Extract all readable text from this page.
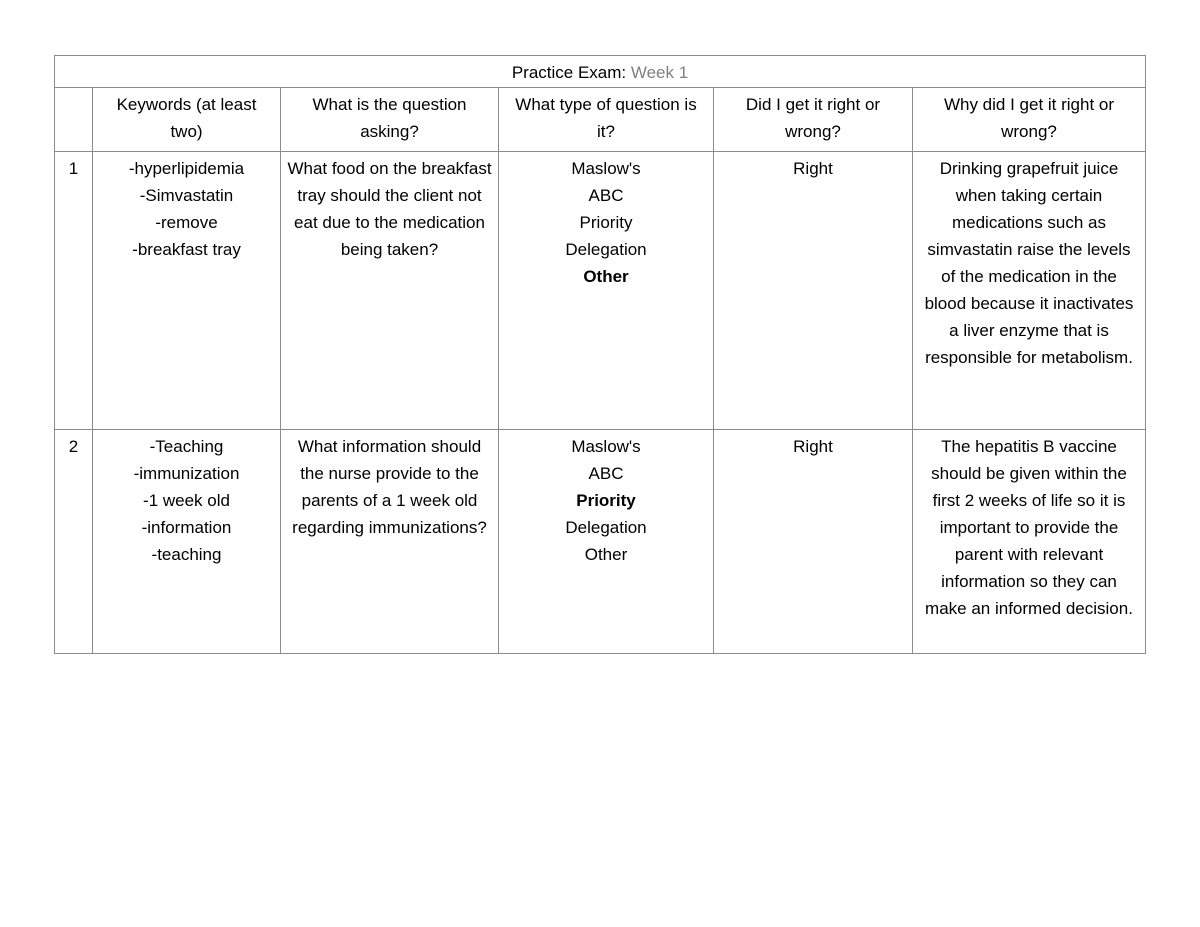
Practice Exam: Week 1					
	Keywords (at least two)	What is the question asking?	What type of question is it?	Did I get it right or wrong?	Why did I get it right or wrong?
1	-hyperlipidemia
-Simvastatin
-remove
-breakfast tray	What food on the breakfast tray should the client not eat due to the medication being taken?	Maslow's
ABC
Priority
Delegation
Other	Right	Drinking grapefruit juice when taking certain medications such as simvastatin raise the levels of the medication in the blood because it inactivates a liver enzyme that is responsible for metabolism.
2	-Teaching
-immunization
-1 week old
-information
-teaching	What information should the nurse provide to the parents of a 1 week old regarding immunizations?	Maslow's
ABC
Priority
Delegation
Other	Right	The hepatitis B vaccine should be given within the first 2 weeks of life so it is important to provide the parent with relevant information so they can make an informed decision.
